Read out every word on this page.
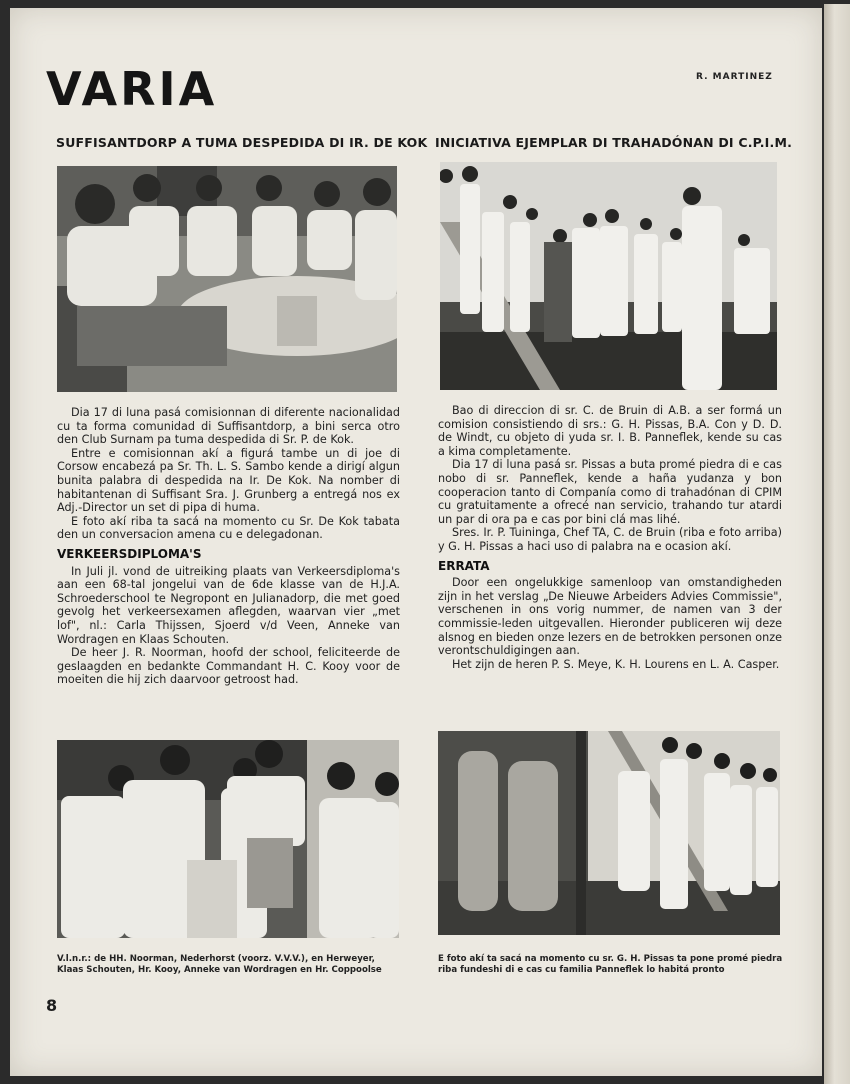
VARIA	R. MARTINEZ
SUFFISANTDORP A TUMA DESPEDIDA DI IR. DE KOK

Dia 17 di luna pasá comisionnan di diferente nacionalidad cu ta forma comunidad di Suffisantdorp, a bini serca otro den Club Surnam pa tuma despedida di Sr. P. de Kok.

Entre e comisionnan akí a figurá tambe un di joe di Corsow encabezá pa Sr. Th. L. S. Sambo kende a dirigí algun bunita palabra di despedida na Ir. De Kok. Na nomber di habitantenan di Suffisant Sra. J. Grunberg a entregá nos ex Adj.-Director un set di pipa di huma.

E foto akí riba ta sacá na momento cu Sr. De Kok tabata den un conversacion amena cu e delegadonan.

VERKEERSDIPLOMA'S

In Juli jl. vond de uitreiking plaats van Verkeersdiploma's aan een 68-tal jongelui van de 6de klasse van de H.J.A. Schroederschool te Negropont en Julianadorp, die met goed gevolg het verkeersexamen aflegden, waarvan vier „met lof", nl.: Carla Thijssen, Sjoerd v/d Veen, Anneke van Wordragen en Klaas Schouten.

De heer J. R. Noorman, hoofd der school, feliciteerde de geslaagden en bedankte Commandant H. C. Kooy voor de moeiten die hij zich daarvoor getroost had.

V.l.n.r.: de HH. Noorman, Nederhorst (voorz. V.V.V.), en Herweyer, Klaas Schouten, Hr. Kooy, Anneke van Wordragen en Hr. Coppoolse
INICIATIVA EJEMPLAR DI TRAHADÓNAN DI C.P.I.M.

Bao di direccion di sr. C. de Bruin di A.B. a ser formá un comision consistiendo di srs.: G. H. Pissas, B.A. Con y D. D. de Windt, cu objeto di yuda sr. I. B. Panneflek, kende su cas a kima completamente.

Dia 17 di luna pasá sr. Pissas a buta promé piedra di e cas nobo di sr. Panneflek, kende a haña yudanza y bon cooperacion tanto di Companía como di trahadónan di CPIM cu gratuitamente a ofrecé nan servicio, trahando tur atardi un par di ora pa e cas por bini clá mas lihé.

Sres. Ir. P. Tuininga, Chef TA, C. de Bruin (riba e foto arriba) y G. H. Pissas a haci uso di palabra na e ocasion akí.

ERRATA

Door een ongelukkige samenloop van omstandigheden zijn in het verslag „De Nieuwe Arbeiders Advies Commissie", verschenen in ons vorig nummer, de namen van 3 der commissie-leden uitgevallen. Hieronder publiceren wij deze alsnog en bieden onze lezers en de betrokken personen onze verontschuldigingen aan.

Het zijn de heren P. S. Meye, K. H. Lourens en L. A. Casper.

E foto akí ta sacá na momento cu sr. G. H. Pissas ta pone promé piedra riba fundeshi di e cas cu familia Panneflek lo habitá pronto
8
